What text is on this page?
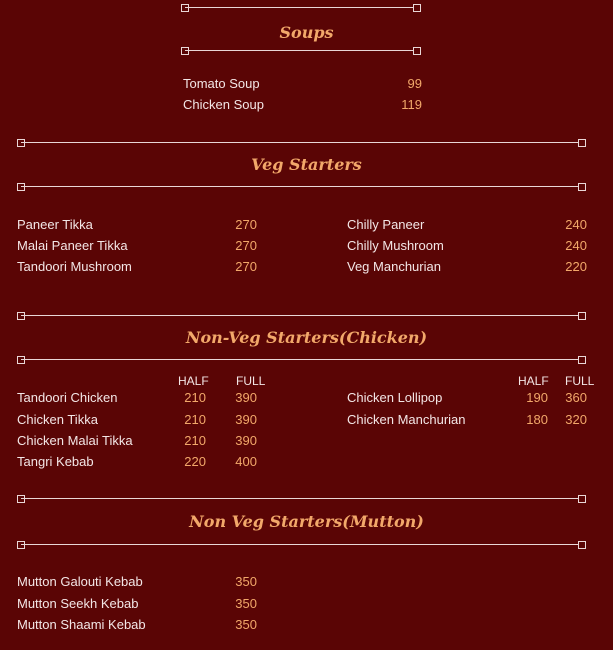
Soups
Tomato Soup	99
Chicken Soup	119
Veg Starters
Paneer Tikka	270
Malai Paneer Tikka	270
Tandoori Mushroom	270
Chilly Paneer	240
Chilly Mushroom	240
Veg Manchurian	220
Non-Veg Starters(Chicken)
HALF FULL	HALF FULL
Tandoori Chicken	210	390
Chicken Tikka	210	390
Chicken Malai Tikka	210	390
Tangri Kebab	220	400
Chicken Lollipop	190	360
Chicken Manchurian	180	320
Non Veg Starters(Mutton)
Mutton Galouti Kebab	350
Mutton Seekh Kebab	350
Mutton Shaami Kebab	350
